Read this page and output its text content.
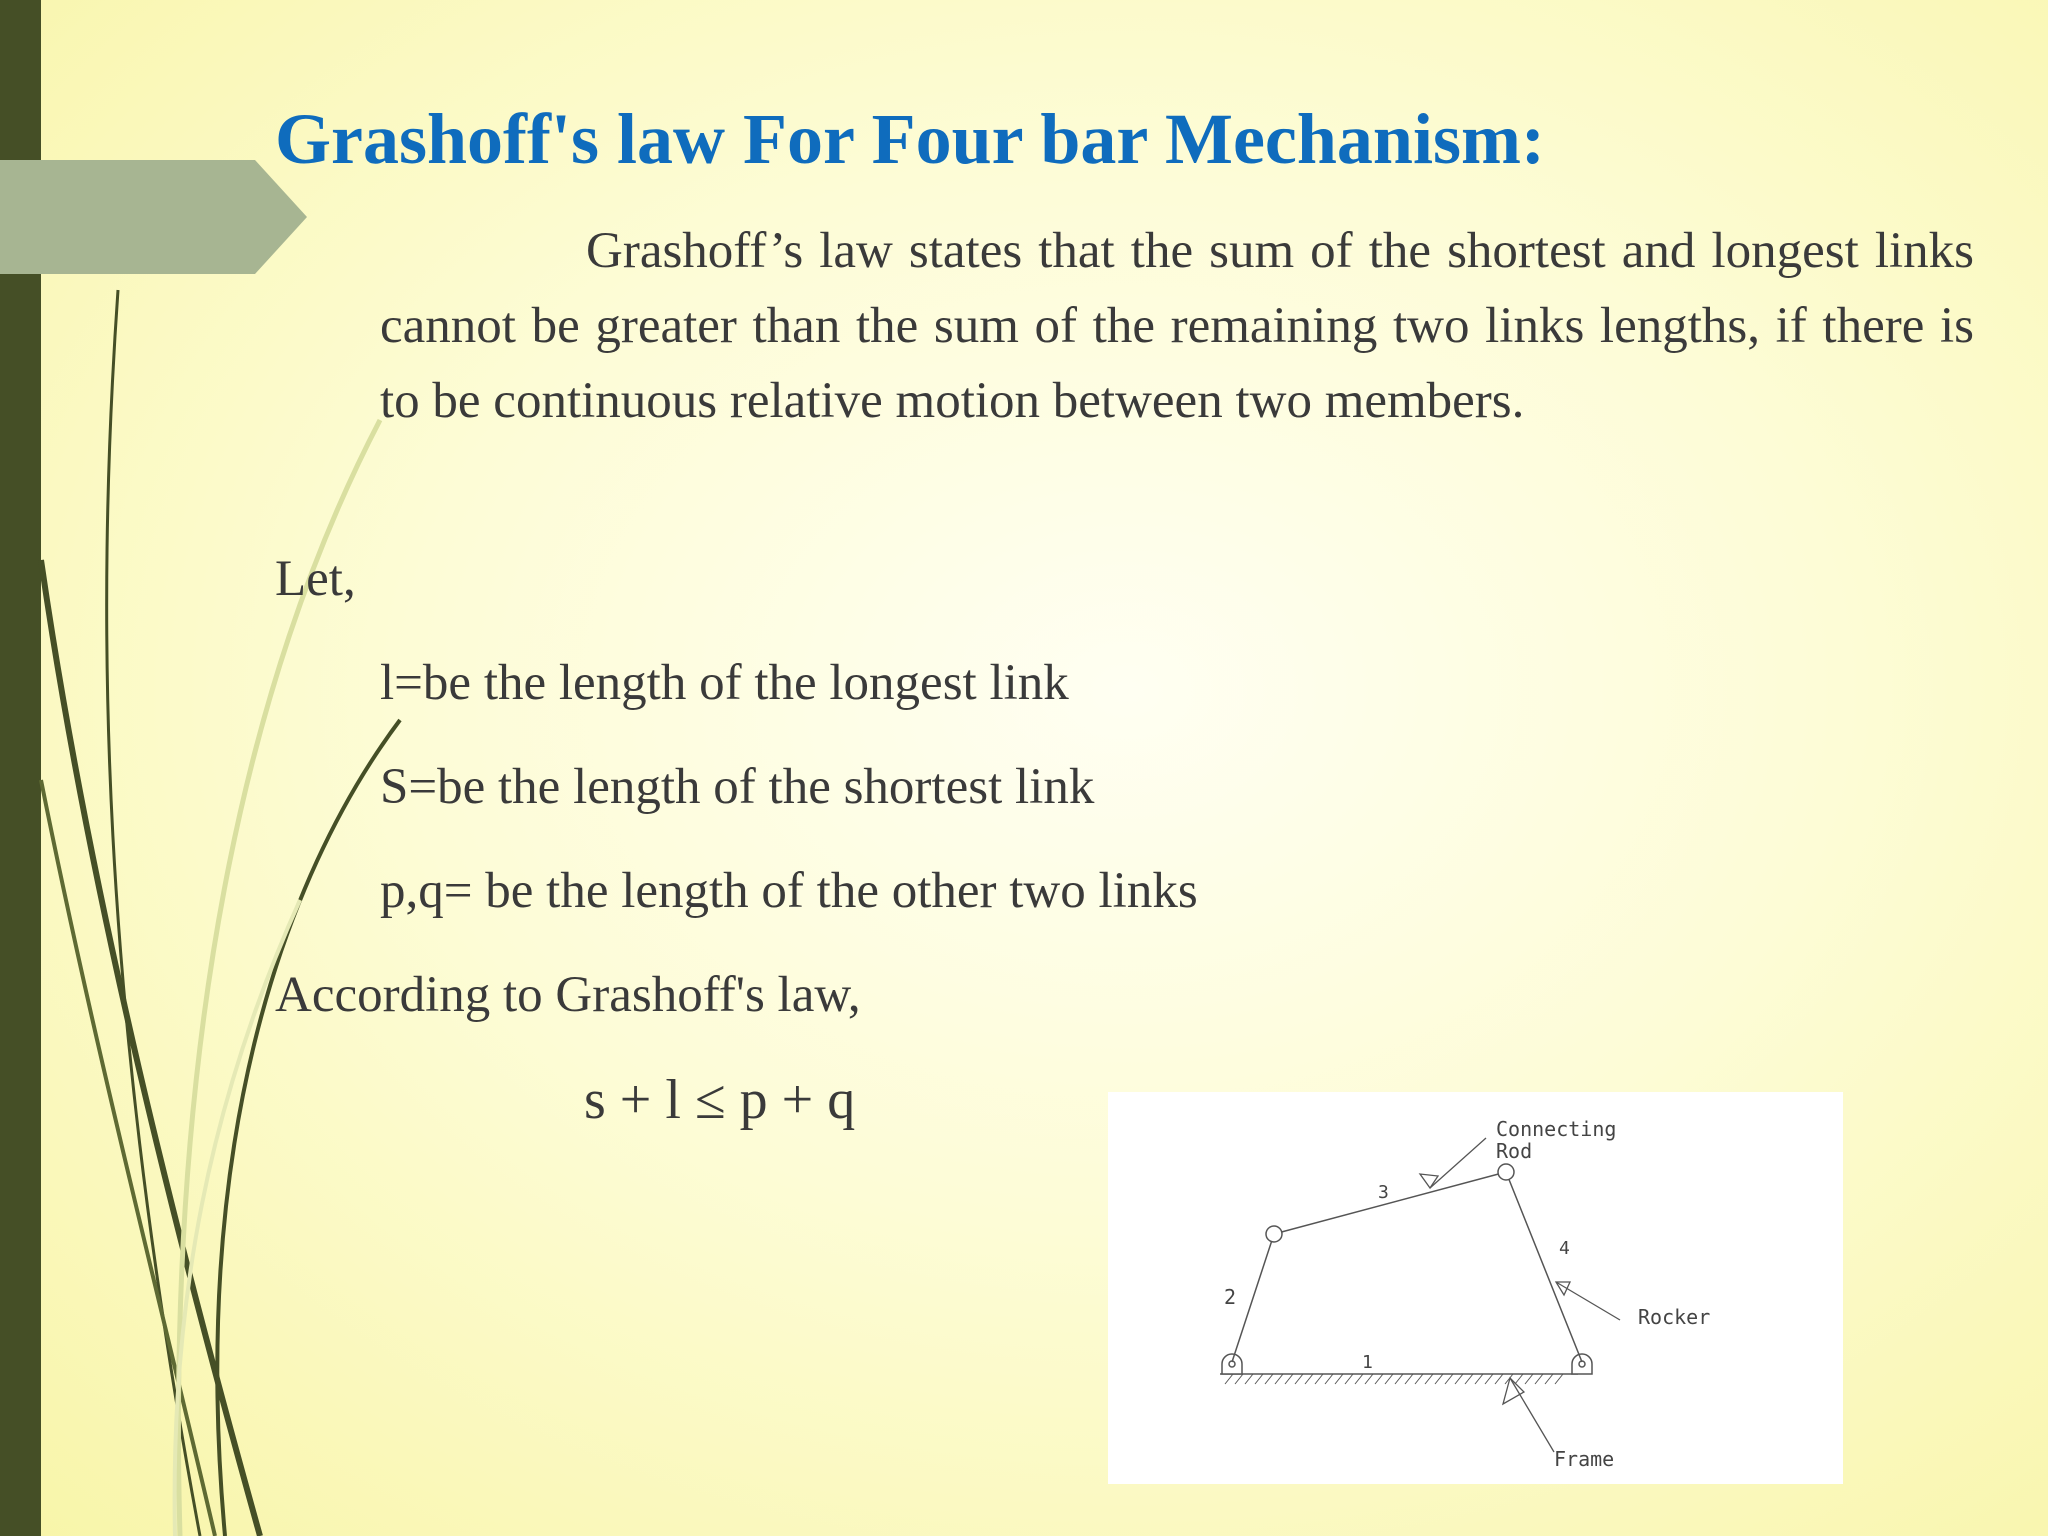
Grashoff's law For Four bar Mechanism:

Grashoff’s law states that the sum of the shortest and longest links cannot be greater than the sum of the remaining two links lengths, if there is to be continuous relative motion between two members.

Let,

l=be the length of the longest link

S=be the length of the shortest link

p,q= be the length of the other two links

According to Grashoff's law,

s + l ≤ p + q	Connecting
Rod
3
4
2
1
Rocker
Frame
